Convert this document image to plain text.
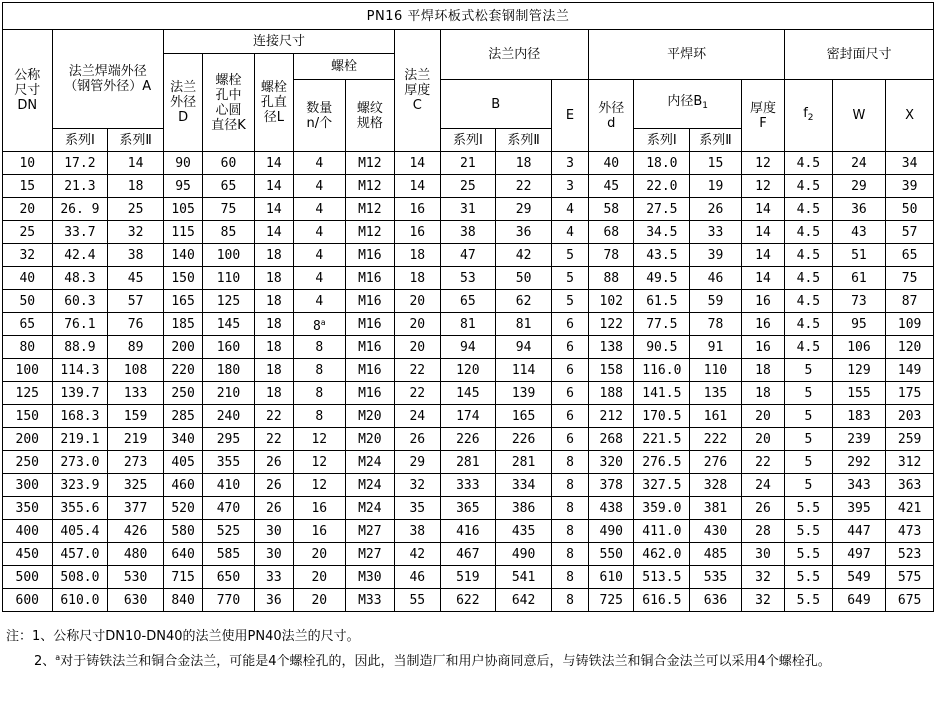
PN16 平焊环板式松套钢制管法兰																		
公称尺寸DN	法兰焊端外径（钢管外径）A		连接尺寸					法兰厚度C	法兰内径			平焊环				密封面尺寸		
			法兰外径D	螺栓孔中心圆直径K	螺栓孔直径L	螺栓												
						数量n/个	螺纹规格		B		E	外径d	内径$B_1$		厚度F	$f_2$	W	X
	系列Ⅰ	系列Ⅱ							系列Ⅰ	系列Ⅱ			系列Ⅰ	系列Ⅱ				
10	17.2	14	90	60	14	4	M12	14	21	18	3	40	18.0	15	12	4.5	24	34
15	21.3	18	95	65	14	4	M12	14	25	22	3	45	22.0	19	12	4.5	29	39
20	26. 9	25	105	75	14	4	M12	16	31	29	4	58	27.5	26	14	4.5	36	50
25	33.7	32	115	85	14	4	M12	16	38	36	4	68	34.5	33	14	4.5	43	57
32	42.4	38	140	100	18	4	M16	18	47	42	5	78	43.5	39	14	4.5	51	65
40	48.3	45	150	110	18	4	M16	18	53	50	5	88	49.5	46	14	4.5	61	75
50	60.3	57	165	125	18	4	M16	20	65	62	5	102	61.5	59	16	4.5	73	87
65	76.1	76	185	145	18	8$^a$	M16	20	81	81	6	122	77.5	78	16	4.5	95	109
80	88.9	89	200	160	18	8	M16	20	94	94	6	138	90.5	91	16	4.5	106	120
100	114.3	108	220	180	18	8	M16	22	120	114	6	158	116.0	110	18	5	129	149
125	139.7	133	250	210	18	8	M16	22	145	139	6	188	141.5	135	18	5	155	175
150	168.3	159	285	240	22	8	M20	24	174	165	6	212	170.5	161	20	5	183	203
200	219.1	219	340	295	22	12	M20	26	226	226	6	268	221.5	222	20	5	239	259
250	273.0	273	405	355	26	12	M24	29	281	281	8	320	276.5	276	22	5	292	312
300	323.9	325	460	410	26	12	M24	32	333	334	8	378	327.5	328	24	5	343	363
350	355.6	377	520	470	26	16	M24	35	365	386	8	438	359.0	381	26	5.5	395	421
400	405.4	426	580	525	30	16	M27	38	416	435	8	490	411.0	430	28	5.5	447	473
450	457.0	480	640	585	30	20	M27	42	467	490	8	550	462.0	485	30	5.5	497	523
500	508.0	530	715	650	33	20	M30	46	519	541	8	610	513.5	535	32	5.5	549	575
600	610.0	630	840	770	36	20	M33	55	622	642	8	725	616.5	636	32	5.5	649	675
注：1、公称尺寸DN10-DN40的法兰使用PN40法兰的尺寸。
2、$^a$对于铸铁法兰和铜合金法兰，可能是4个螺栓孔的，因此，当制造厂和用户协商同意后，与铸铁法兰和铜合金法兰可以采用4个螺栓孔。
